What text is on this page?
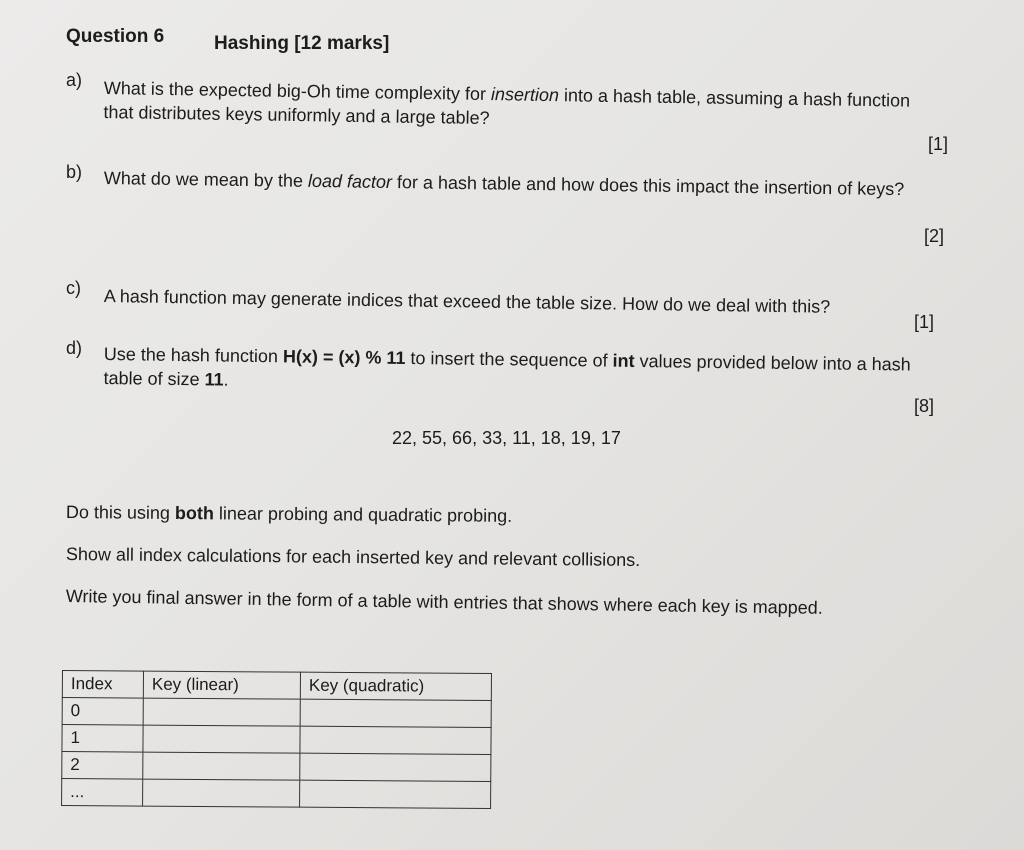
Question 6	Hashing [12 marks]
a) What is the expected big-Oh time complexity for insertion into a hash table, assuming a hash function that distributes keys uniformly and a large table?
[1]
b) What do we mean by the load factor for a hash table and how does this impact the insertion of keys?
[2]
c) A hash function may generate indices that exceed the table size. How do we deal with this?
[1]
d) Use the hash function H(x) = (x) % 11 to insert the sequence of int values provided below into a hash table of size 11.
[8]
22, 55, 66, 33, 11, 18, 19, 17
Do this using both linear probing and quadratic probing.
Show all index calculations for each inserted key and relevant collisions.
Write you final answer in the form of a table with entries that shows where each key is mapped.
Index	Key (linear)	Key (quadratic)
0		
1		
2		
...		
